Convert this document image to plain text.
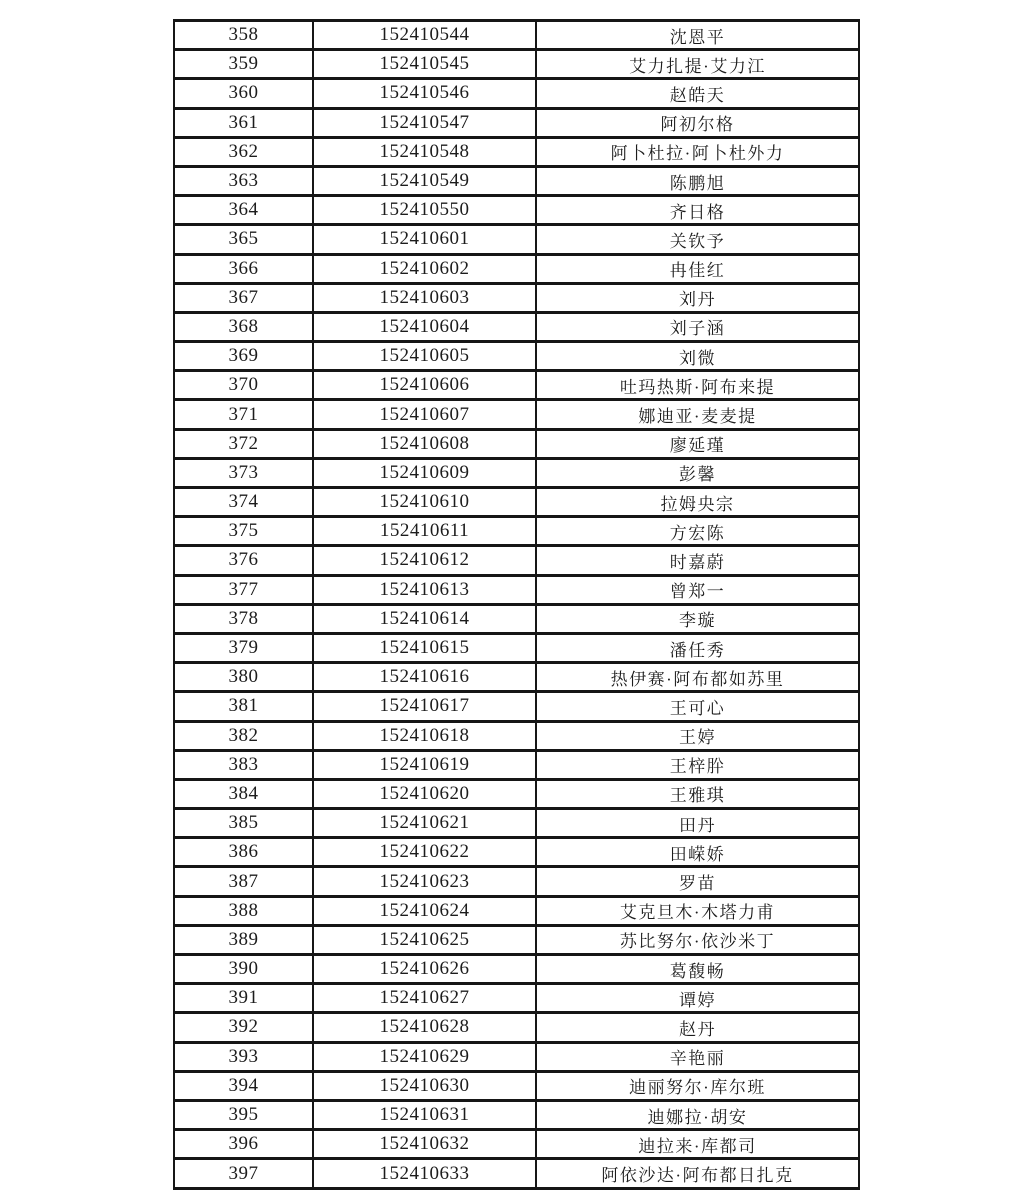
358	152410544	沈恩平
359	152410545	艾力扎提·艾力江
360	152410546	赵皓天
361	152410547	阿初尔格
362	152410548	阿卜杜拉·阿卜杜外力
363	152410549	陈鹏旭
364	152410550	齐日格
365	152410601	关钦予
366	152410602	冉佳红
367	152410603	刘丹
368	152410604	刘子涵
369	152410605	刘微
370	152410606	吐玛热斯·阿布来提
371	152410607	娜迪亚·麦麦提
372	152410608	廖延瑾
373	152410609	彭馨
374	152410610	拉姆央宗
375	152410611	方宏陈
376	152410612	时嘉蔚
377	152410613	曾郑一
378	152410614	李璇
379	152410615	潘任秀
380	152410616	热伊赛·阿布都如苏里
381	152410617	王可心
382	152410618	王婷
383	152410619	王梓肸
384	152410620	王雅琪
385	152410621	田丹
386	152410622	田嵘娇
387	152410623	罗苗
388	152410624	艾克旦木·木塔力甫
389	152410625	苏比努尔·依沙米丁
390	152410626	葛馥畅
391	152410627	谭婷
392	152410628	赵丹
393	152410629	辛艳丽
394	152410630	迪丽努尔·库尔班
395	152410631	迪娜拉·胡安
396	152410632	迪拉来·库都司
397	152410633	阿依沙达·阿布都日扎克
